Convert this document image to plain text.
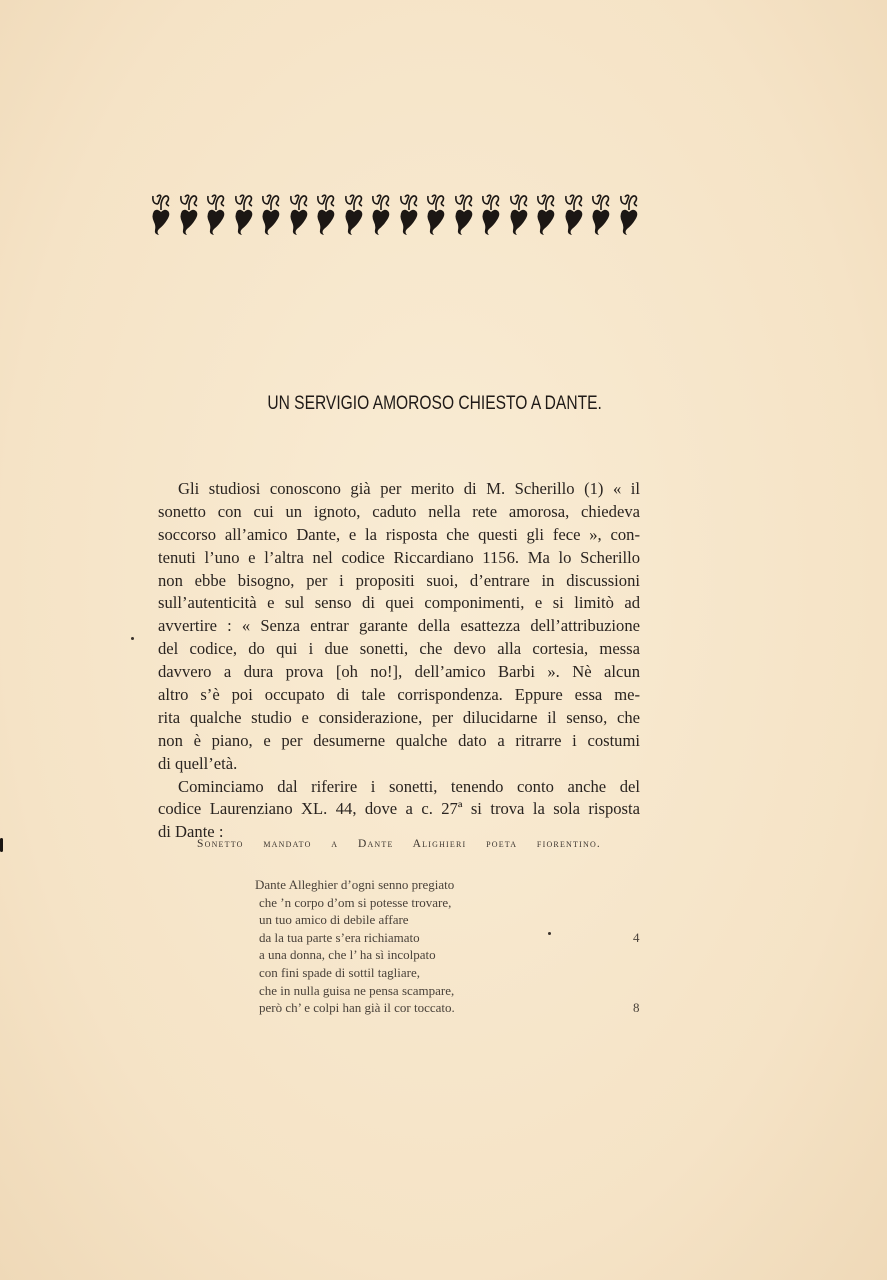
UN SERVIGIO AMOROSO CHIESTO A DANTE.
Gli studiosi conoscono già per merito di M. Scherillo (1) « il
sonetto con cui un ignoto, caduto nella rete amorosa, chiedeva
soccorso all’amico Dante, e la risposta che questi gli fece », con-
tenuti l’uno e l’altra nel codice Riccardiano 1156. Ma lo Scherillo
non ebbe bisogno, per i propositi suoi, d’entrare in discussioni
sull’autenticità e sul senso di quei componimenti, e si limitò ad
avvertire : « Senza entrar garante della esattezza dell’attribuzione
del codice, do qui i due sonetti, che devo alla cortesia, messa
davvero a dura prova [oh no!], dell’amico Barbi ». Nè alcun
altro s’è poi occupato di tale corrispondenza. Eppure essa me-
rita qualche studio e considerazione, per dilucidarne il senso, che
non è piano, e per desumerne qualche dato a ritrarre i costumi
di quell’età.
Cominciamo dal riferire i sonetti, tenendo conto anche del
codice Laurenziano XL. 44, dove a c. 27ª si trova la sola risposta
di Dante :
Sonetto mandato a Dante Alighieri poeta fiorentino.
Dante Alleghier d’ogni senno pregiato
che ’n corpo d’om si potesse trovare,
un tuo amico di debile affare
da la tua parte s’era richiamato	4
a una donna, che l’ ha sì incolpato
con fini spade di sottil tagliare,
che in nulla guisa ne pensa scampare,
però ch’ e colpi han già il cor toccato.	8
